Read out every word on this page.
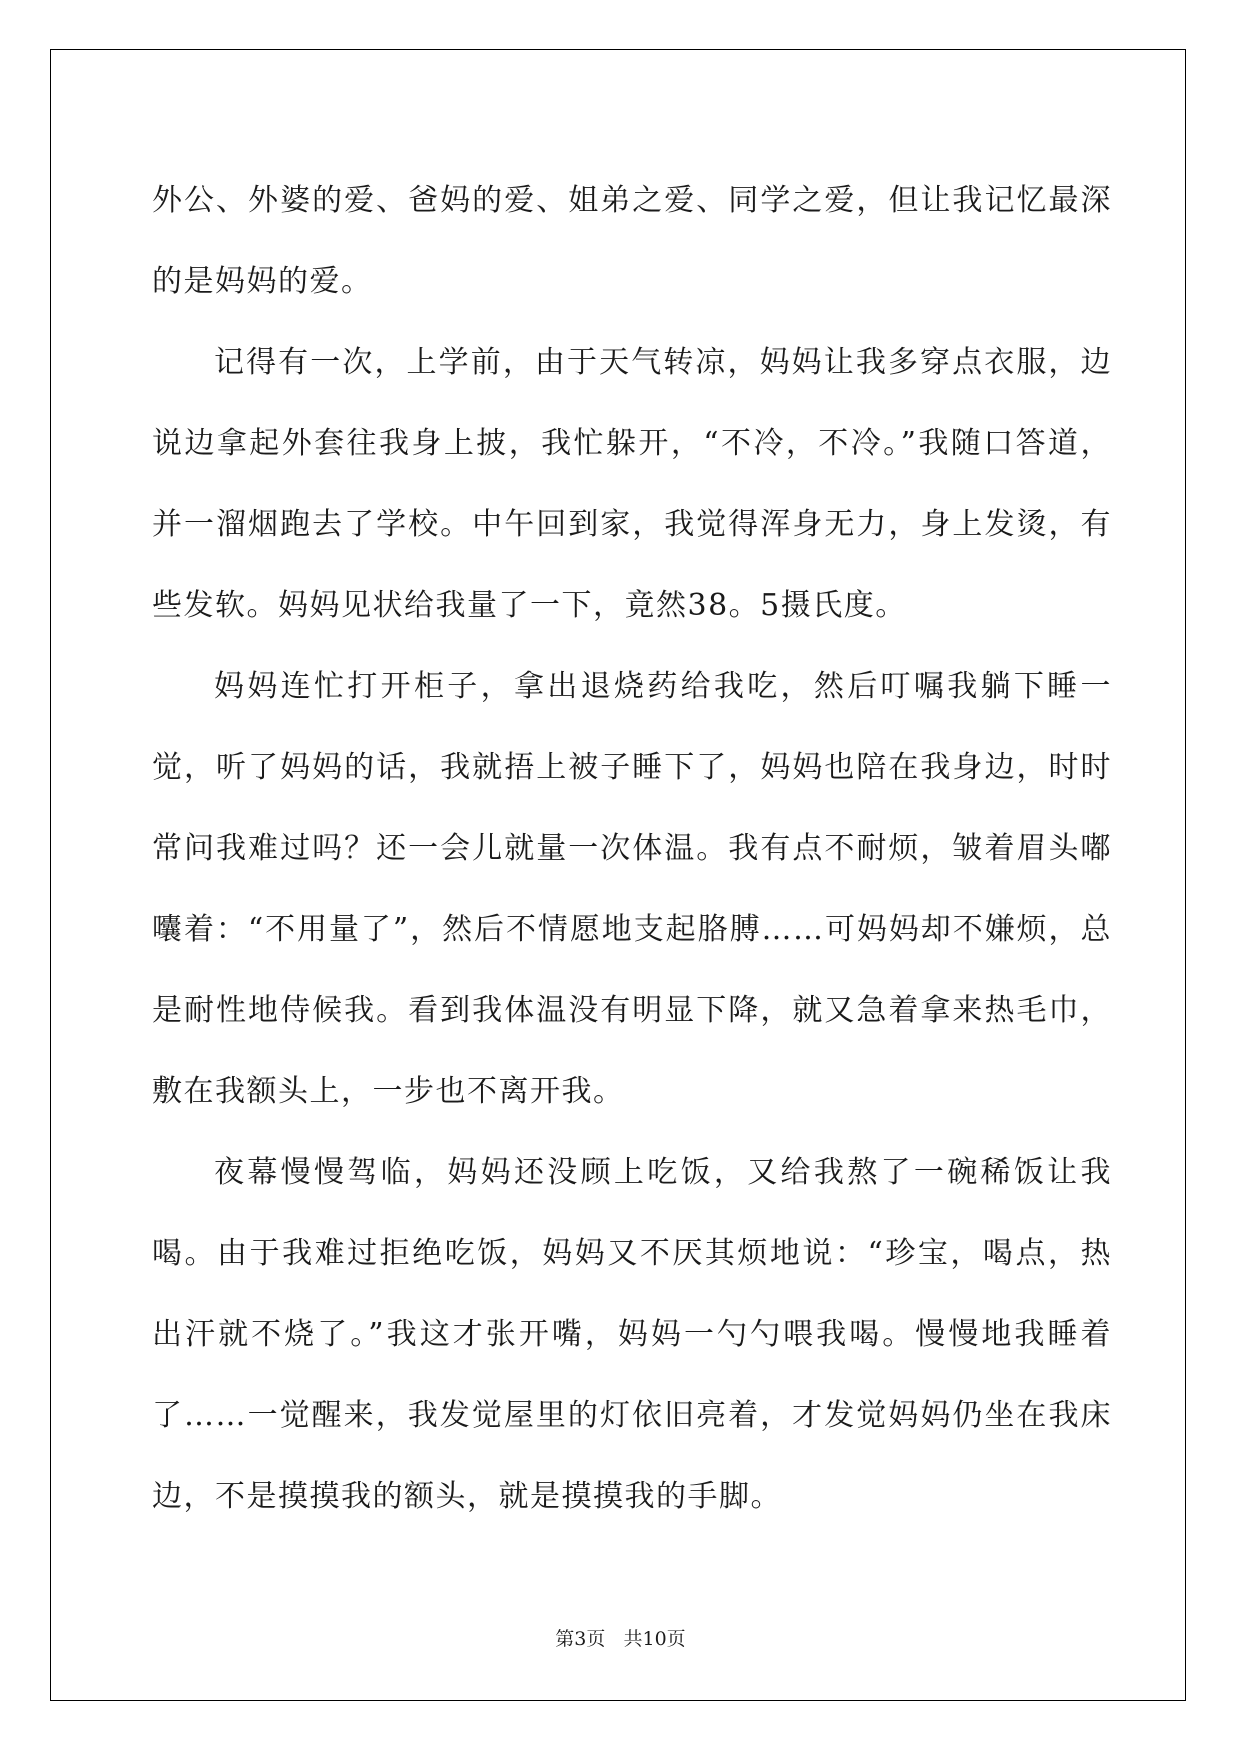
外公、外婆的爱、爸妈的爱、姐弟之爱、同学之爱，但让我记忆最深的是妈妈的爱。

记得有一次，上学前，由于天气转凉，妈妈让我多穿点衣服，边说边拿起外套往我身上披，我忙躲开，“不冷，不冷。”我随口答道，并一溜烟跑去了学校。中午回到家，我觉得浑身无力，身上发烫，有些发软。妈妈见状给我量了一下，竟然38。5摄氏度。

妈妈连忙打开柜子，拿出退烧药给我吃，然后叮嘱我躺下睡一觉，听了妈妈的话，我就捂上被子睡下了，妈妈也陪在我身边，时时常问我难过吗？还一会儿就量一次体温。我有点不耐烦，皱着眉头嘟囔着：“不用量了”，然后不情愿地支起胳膊……可妈妈却不嫌烦，总是耐性地侍候我。看到我体温没有明显下降，就又急着拿来热毛巾，敷在我额头上，一步也不离开我。

夜幕慢慢驾临，妈妈还没顾上吃饭，又给我熬了一碗稀饭让我喝。由于我难过拒绝吃饭，妈妈又不厌其烦地说：“珍宝，喝点，热出汗就不烧了。”我这才张开嘴，妈妈一勺勺喂我喝。慢慢地我睡着了……一觉醒来，我发觉屋里的灯依旧亮着，才发觉妈妈仍坐在我床边，不是摸摸我的额头，就是摸摸我的手脚。

第3页   共10页
